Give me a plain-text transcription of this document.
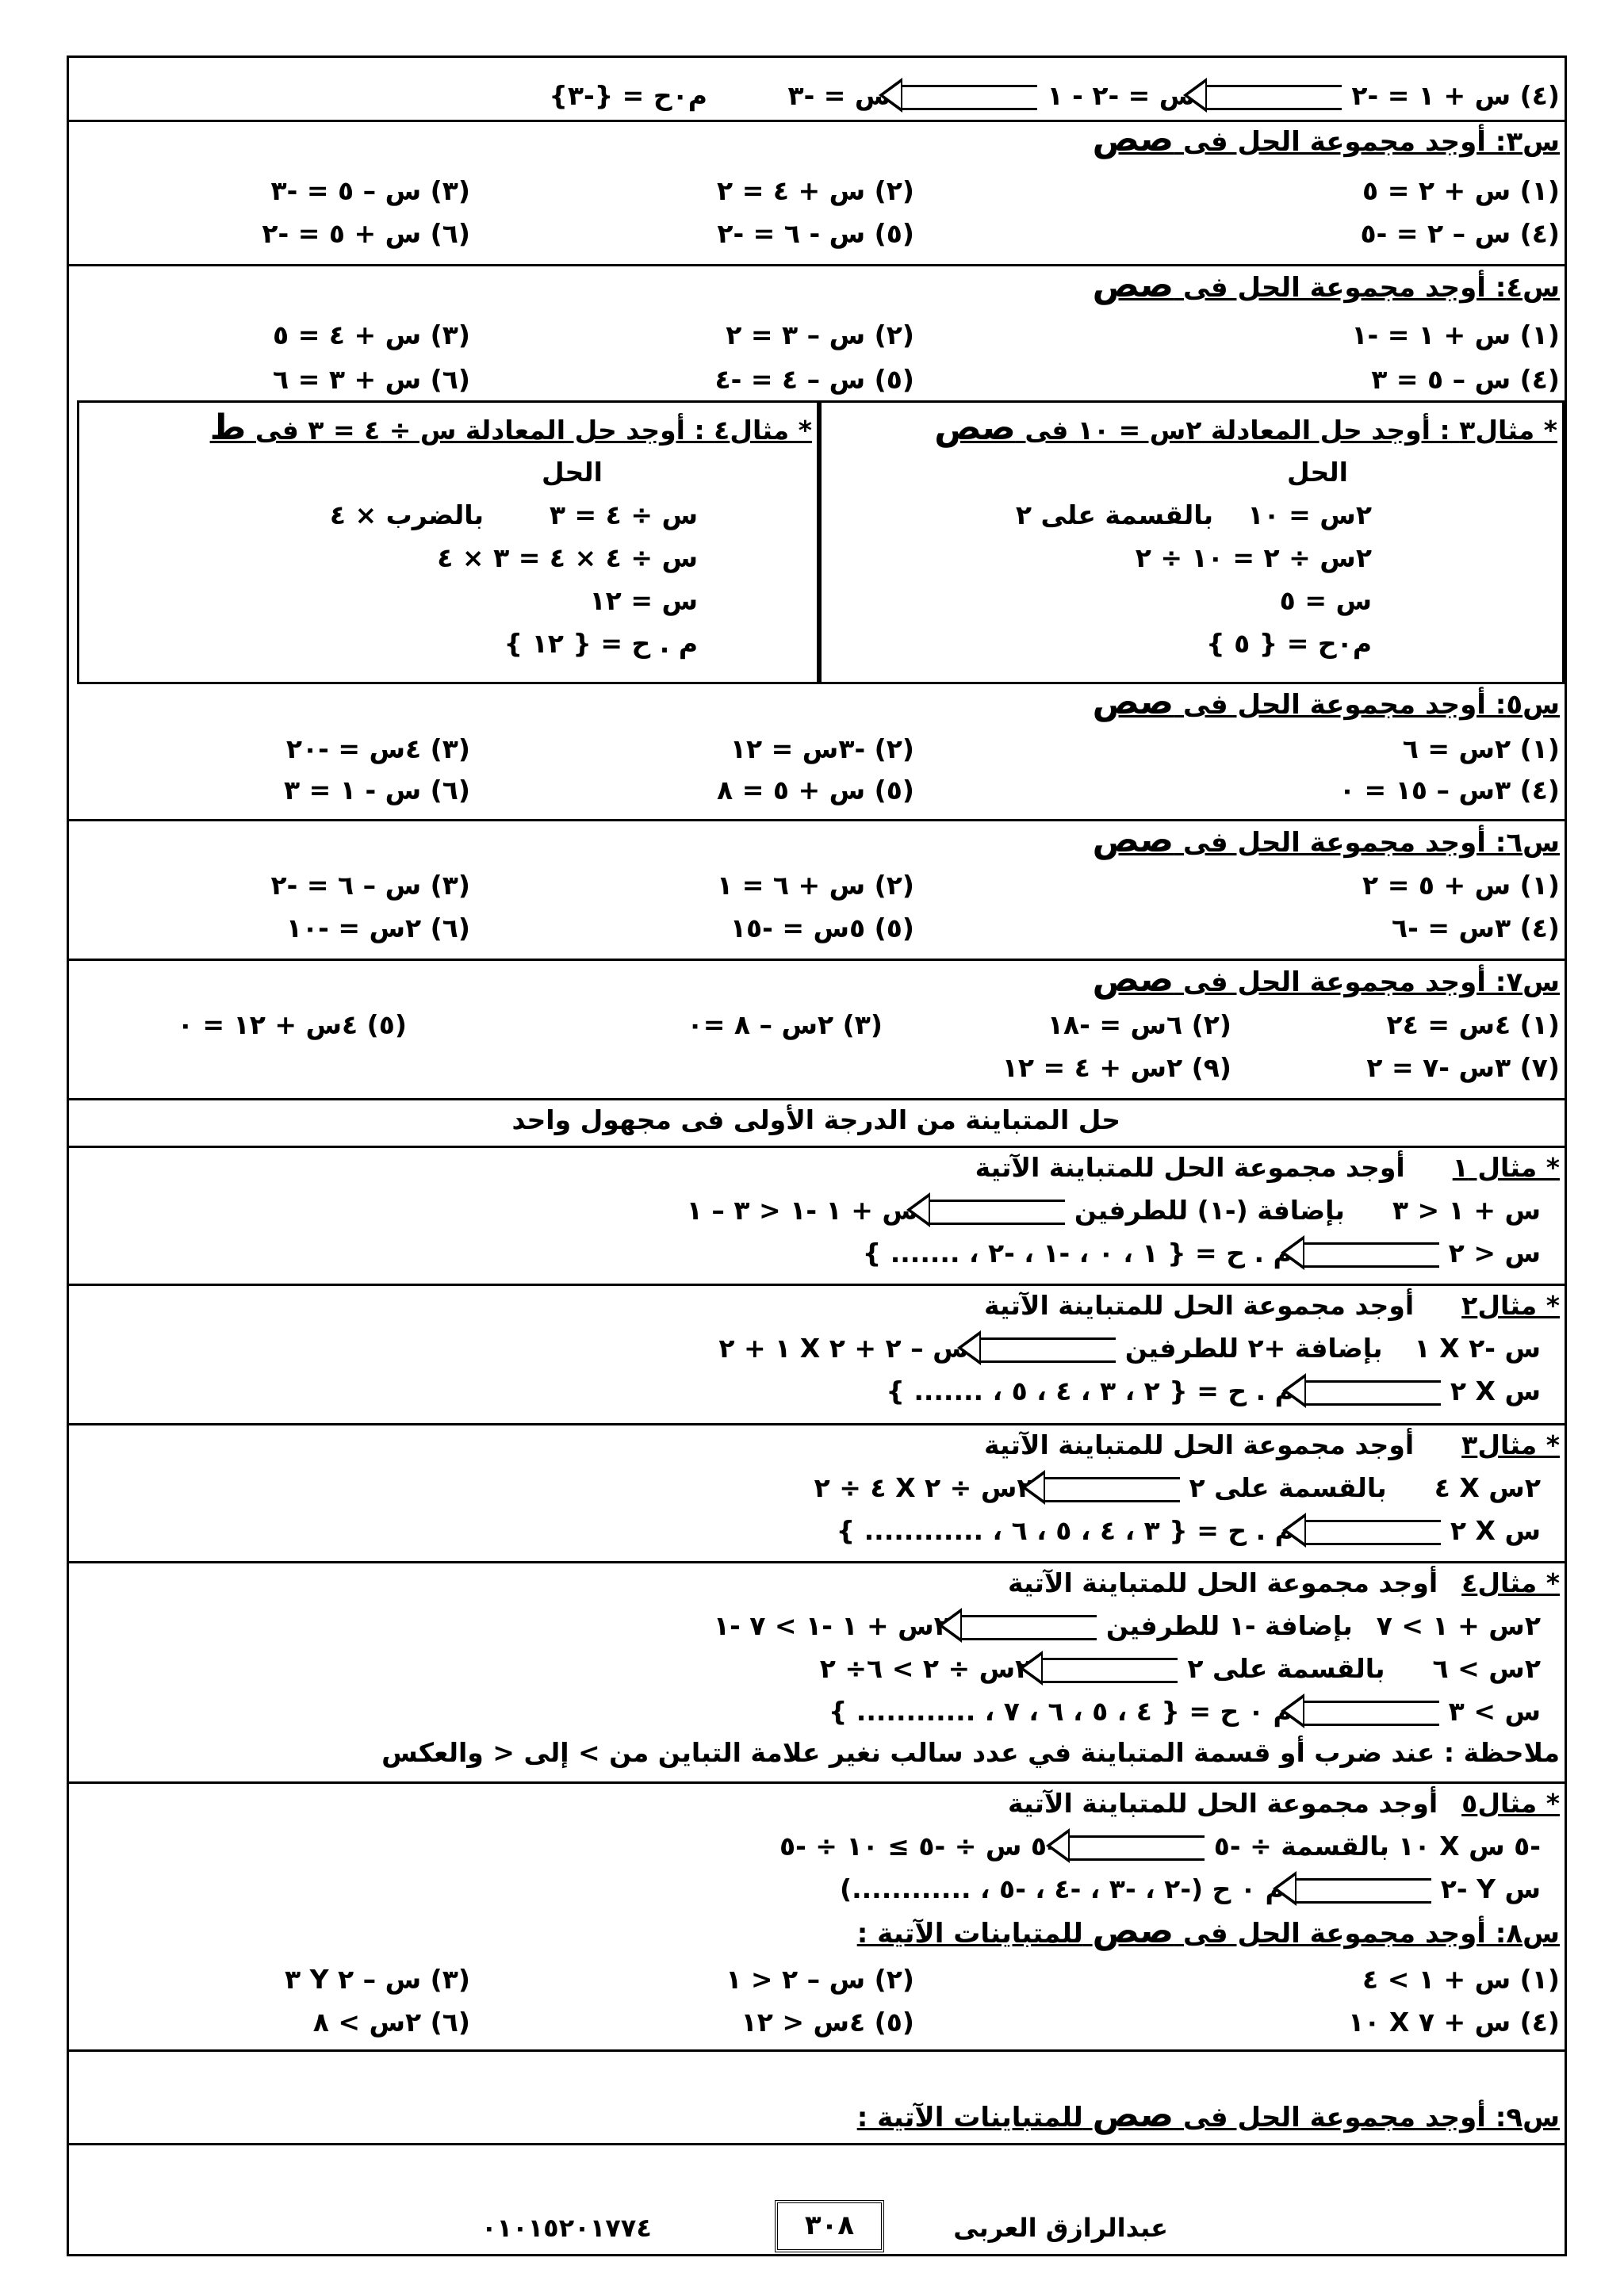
(٤) س + ١ = -٢س = -٢ - ١س = -٣ م٠ح = {-٣}
س٣: أوجد مجموعة الحل فى صص
(١) س + ٢ = ٥
(٢) س + ٤ = ٢
(٣) س – ٥ = -٣
(٤) س – ٢ = -٥
(٥) س - ٦ = -٢
(٦) س + ٥ = -٢
س٤: أوجد مجموعة الحل فى صص
(١) س + ١ = -١
(٢) س – ٣ = ٢
(٣) س + ٤ = ٥
(٤) س – ٥ = ٣
(٥) س – ٤ = -٤
(٦) س + ٣ = ٦
* مثال٣ : أوجد حل المعادلة ٢س = ١٠ فى صص
الحل
٢س = ١٠
بالقسمة على ٢
٢س ÷ ٢ = ١٠ ÷ ٢
س = ٥
م٠ح = { ٥ }
* مثال٤ : أوجد حل المعادلة س ÷ ٤ = ٣ فى ط
الحل
س ÷ ٤ = ٣
بالضرب × ٤
س ÷ ٤ × ٤ = ٣ × ٤
س = ١٢
م . ح = { ١٢ }
س٥: أوجد مجموعة الحل فى صص
(١) ٢س = ٦
(٢) -٣س = ١٢
(٣) ٤س = -٢٠
(٤) ٣س – ١٥ = ٠
(٥) س + ٥ = ٨
(٦) س - ١ = ٣
س٦: أوجد مجموعة الحل فى صص
(١) س + ٥ = ٢
(٢) س + ٦ = ١
(٣) س – ٦ = -٢
(٤) ٣س = -٦
(٥) ٥س = -١٥
(٦) ٢س = -١٠
س٧: أوجد مجموعة الحل فى صص
(١) ٤س = ٢٤
(٢) ٦س = -١٨
(٣) ٢س – ٨ =٠
(٥) ٤س + ١٢ = ٠
(٧) ٣س -٧ = ٢
(٩) ٢س + ٤ = ١٢
حل المتباينة من الدرجة الأولى فى مجهول واحد
* مثال ١أوجد مجموعة الحل للمتباينة الآتية
س + ١ < ٣بإضافة (-١) للطرفينس + ١ -١ < ٣ – ١
س < ٢م . ح = { ١ ، ٠ ، -١ ، -٢ ، ....... }
* مثال٢أوجد مجموعة الحل للمتباينة الآتية
س -٢ X ١بإضافة +٢ للطرفينس – ٢ + ٢ X ١ + ٢
س X ٢م . ح = { ٢ ، ٣ ، ٤ ، ٥ ، ....... }
* مثال٣أوجد مجموعة الحل للمتباينة الآتية
٢س X ٤بالقسمة على ٢٢س ÷ ٢ X ٤ ÷ ٢
س X ٢م . ح = { ٣ ، ٤ ، ٥ ، ٦ ، ............ }
* مثال٤أوجد مجموعة الحل للمتباينة الآتية
٢س + ١ > ٧بإضافة -١ للطرفين٢س + ١ -١ > ٧ -١
٢س > ٦بالقسمة على ٢٢س ÷ ٢ > ٦÷ ٢
س > ٣م ٠ ح = { ٤ ، ٥ ، ٦ ، ٧ ، ............ }
ملاحظة : عند ضرب أو قسمة المتباينة في عدد سالب نغير علامة التباين من > إلى < والعكس
* مثال٥أوجد مجموعة الحل للمتباينة الآتية
-٥ س X ١٠ بالقسمة ÷ -٥-٥ س ÷ -٥ ≥ ١٠ ÷ -٥
س Y -٢م ٠ ح (-٢ ، -٣ ، -٤ ، -٥ ، ............)
س٨: أوجد مجموعة الحل فى صص للمتباينات الآتية :
(١) س + ١ > ٤
(٢) س – ٢ < ١
(٣) س – ٢ Y ٣
(٤) س + ٧ X ١٠
(٥) ٤س < ١٢
(٦) ٢س > ٨
س٩: أوجد مجموعة الحل فى صص للمتباينات الآتية :
عبدالرازق العربى
٣٠٨
٠١٠١٥٢٠١٧٧٤
